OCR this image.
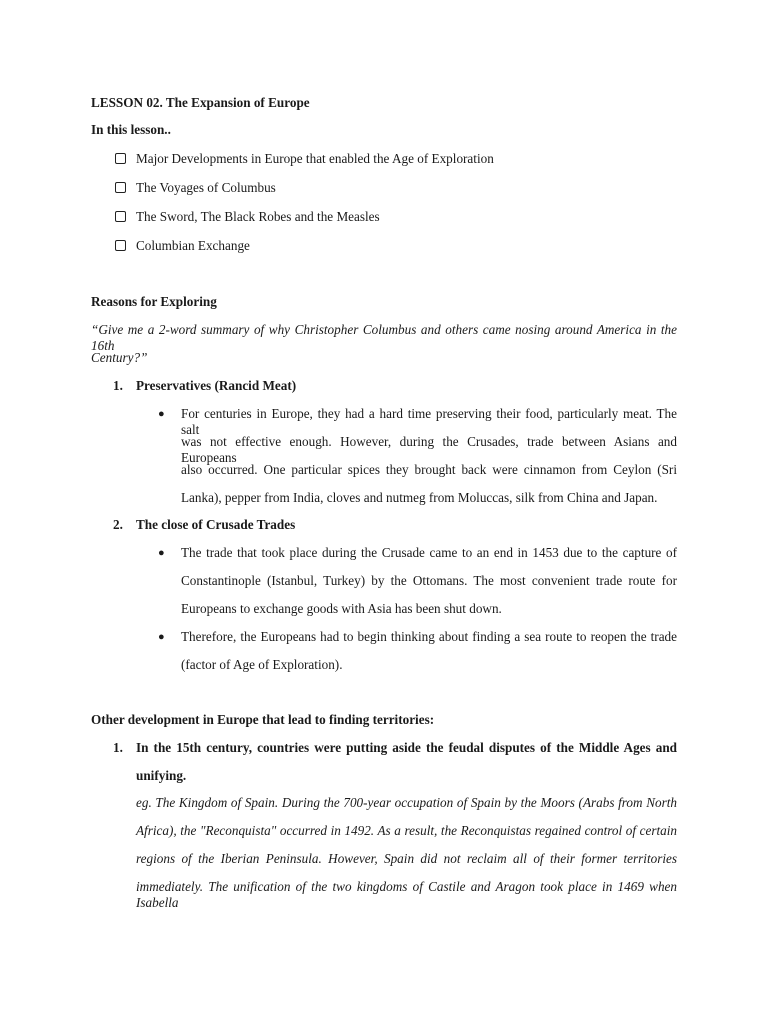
LESSON 02. The Expansion of Europe
In this lesson..
Major Developments in Europe that enabled the Age of Exploration
The Voyages of Columbus
The Sword, The Black Robes and the Measles
Columbian Exchange
Reasons for Exploring
“Give me a 2-word summary of why Christopher Columbus and others came nosing around America in the 16th
Century?”
1. Preservatives (Rancid Meat)
● For centuries in Europe, they had a hard time preserving their food, particularly meat. The salt
was not effective enough. However, during the Crusades, trade between Asians and Europeans
also occurred. One particular spices they brought back were cinnamon from Ceylon (Sri
Lanka), pepper from India, cloves and nutmeg from Moluccas, silk from China and Japan.
2. The close of Crusade Trades
● The trade that took place during the Crusade came to an end in 1453 due to the capture of
Constantinople (Istanbul, Turkey) by the Ottomans. The most convenient trade route for
Europeans to exchange goods with Asia has been shut down.
● Therefore, the Europeans had to begin thinking about finding a sea route to reopen the trade
(factor of Age of Exploration).
Other development in Europe that lead to finding territories:
1. In the 15th century, countries were putting aside the feudal disputes of the Middle Ages and
unifying.
eg. The Kingdom of Spain. During the 700-year occupation of Spain by the Moors (Arabs from North
Africa), the "Reconquista" occurred in 1492. As a result, the Reconquistas regained control of certain
regions of the Iberian Peninsula. However, Spain did not reclaim all of their former territories
immediately. The unification of the two kingdoms of Castile and Aragon took place in 1469 when Isabella
